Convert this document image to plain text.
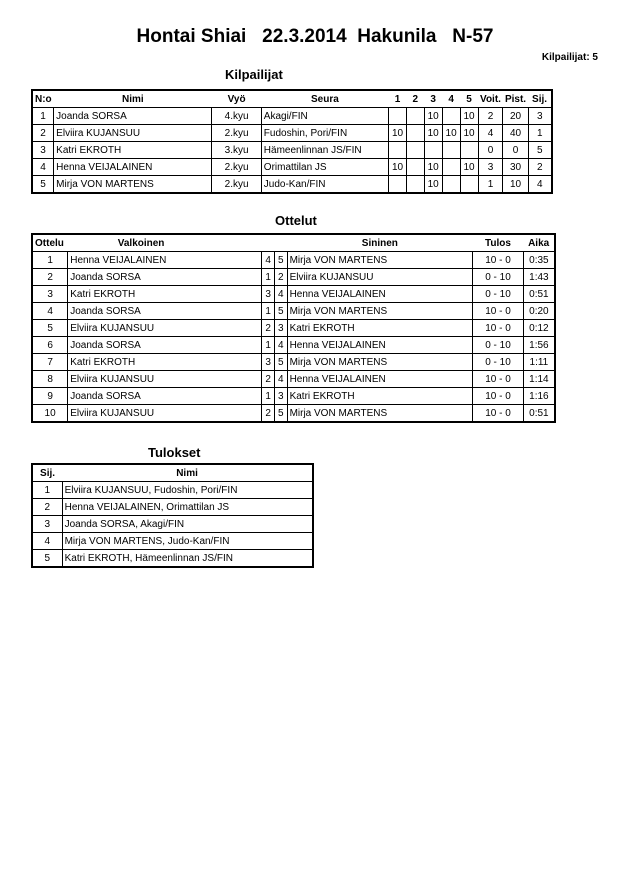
Hontai Shiai   22.3.2014  Hakunila   N-57
Kilpailijat: 5
Kilpailijat
N:o	Nimi	Vyö	Seura	1	2	3	4	5	Voit.	Pist.	Sij.
1	Joanda SORSA	4.kyu	Akagi/FIN			10		10	2	20	3
2	Elviira KUJANSUU	2.kyu	Fudoshin, Pori/FIN	10		10	10	10	4	40	1
3	Katri EKROTH	3.kyu	Hämeenlinnan JS/FIN						0	0	5
4	Henna VEIJALAINEN	2.kyu	Orimattilan JS	10		10		10	3	30	2
5	Mirja VON MARTENS	2.kyu	Judo-Kan/FIN			10			1	10	4
Ottelut
Ottelu	Valkoinen			Sininen	Tulos	Aika
1	Henna VEIJALAINEN	4	5	Mirja VON MARTENS	10 - 0	0:35
2	Joanda SORSA	1	2	Elviira KUJANSUU	0 - 10	1:43
3	Katri EKROTH	3	4	Henna VEIJALAINEN	0 - 10	0:51
4	Joanda SORSA	1	5	Mirja VON MARTENS	10 - 0	0:20
5	Elviira KUJANSUU	2	3	Katri EKROTH	10 - 0	0:12
6	Joanda SORSA	1	4	Henna VEIJALAINEN	0 - 10	1:56
7	Katri EKROTH	3	5	Mirja VON MARTENS	0 - 10	1:11
8	Elviira KUJANSUU	2	4	Henna VEIJALAINEN	10 - 0	1:14
9	Joanda SORSA	1	3	Katri EKROTH	10 - 0	1:16
10	Elviira KUJANSUU	2	5	Mirja VON MARTENS	10 - 0	0:51
Tulokset
Sij.	Nimi
1	Elviira KUJANSUU, Fudoshin, Pori/FIN
2	Henna VEIJALAINEN, Orimattilan JS
3	Joanda SORSA, Akagi/FIN
4	Mirja VON MARTENS, Judo-Kan/FIN
5	Katri EKROTH, Hämeenlinnan JS/FIN
